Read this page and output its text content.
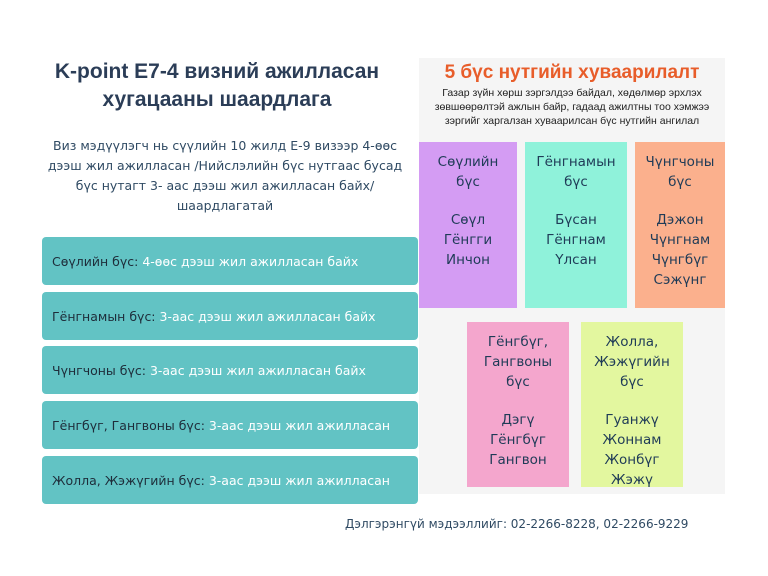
K-point E7-4 визний ажилласан хугацааны шаардлага
Виз мэдүүлэгч нь сүүлийн 10 жилд Е-9 визээр 4-өөс дээш жил ажилласан /Нийслэлийн бүс нутгаас бусад бүс нутагт 3- аас дээш жил ажилласан байх/ шаардлагатай
Сөүлийн бүс:
4-өөс дээш жил ажилласан байх
Гёнгнамын бүс:
3-аас дээш жил ажилласан байх
Чүнгчоны бүс:
3-аас дээш жил ажилласан байх
Гёнгбүг, Гангвоны бүс:
3-аас дээш жил ажилласан
Жолла, Жэжүгийн бүс:
3-аас дээш жил ажилласан
5 бүс нутгийн хуваарилалт
Газар зүйн хөрш зэргэлдээ байдал, хөдөлмөр эрхлэх зөвшөөрөлтэй ажлын байр, гадаад ажилтны тоо хэмжээ зэргийг харгалзан хуваарилсан бүс нутгийн ангилал
Сөүлийн
бүс
Сөүл
Гёнгги
Инчон
Гёнгнамын
бүс
Бүсан
Гёнгнам
Үлсан
Чүнгчоны
бүс
Дэжон
Чүнгнам
Чүнгбүг
Сэжүнг
Гёнгбүг,
Гангвоны
бүс
Дэгү
Гёнгбүг
Гангвон
Жолла,
Жэжүгийн
бүс
Гуанжү
Жоннам
Жонбүг
Жэжү
Дэлгэрэнгүй мэдээллийг: 02-2266-8228, 02-2266-9229
